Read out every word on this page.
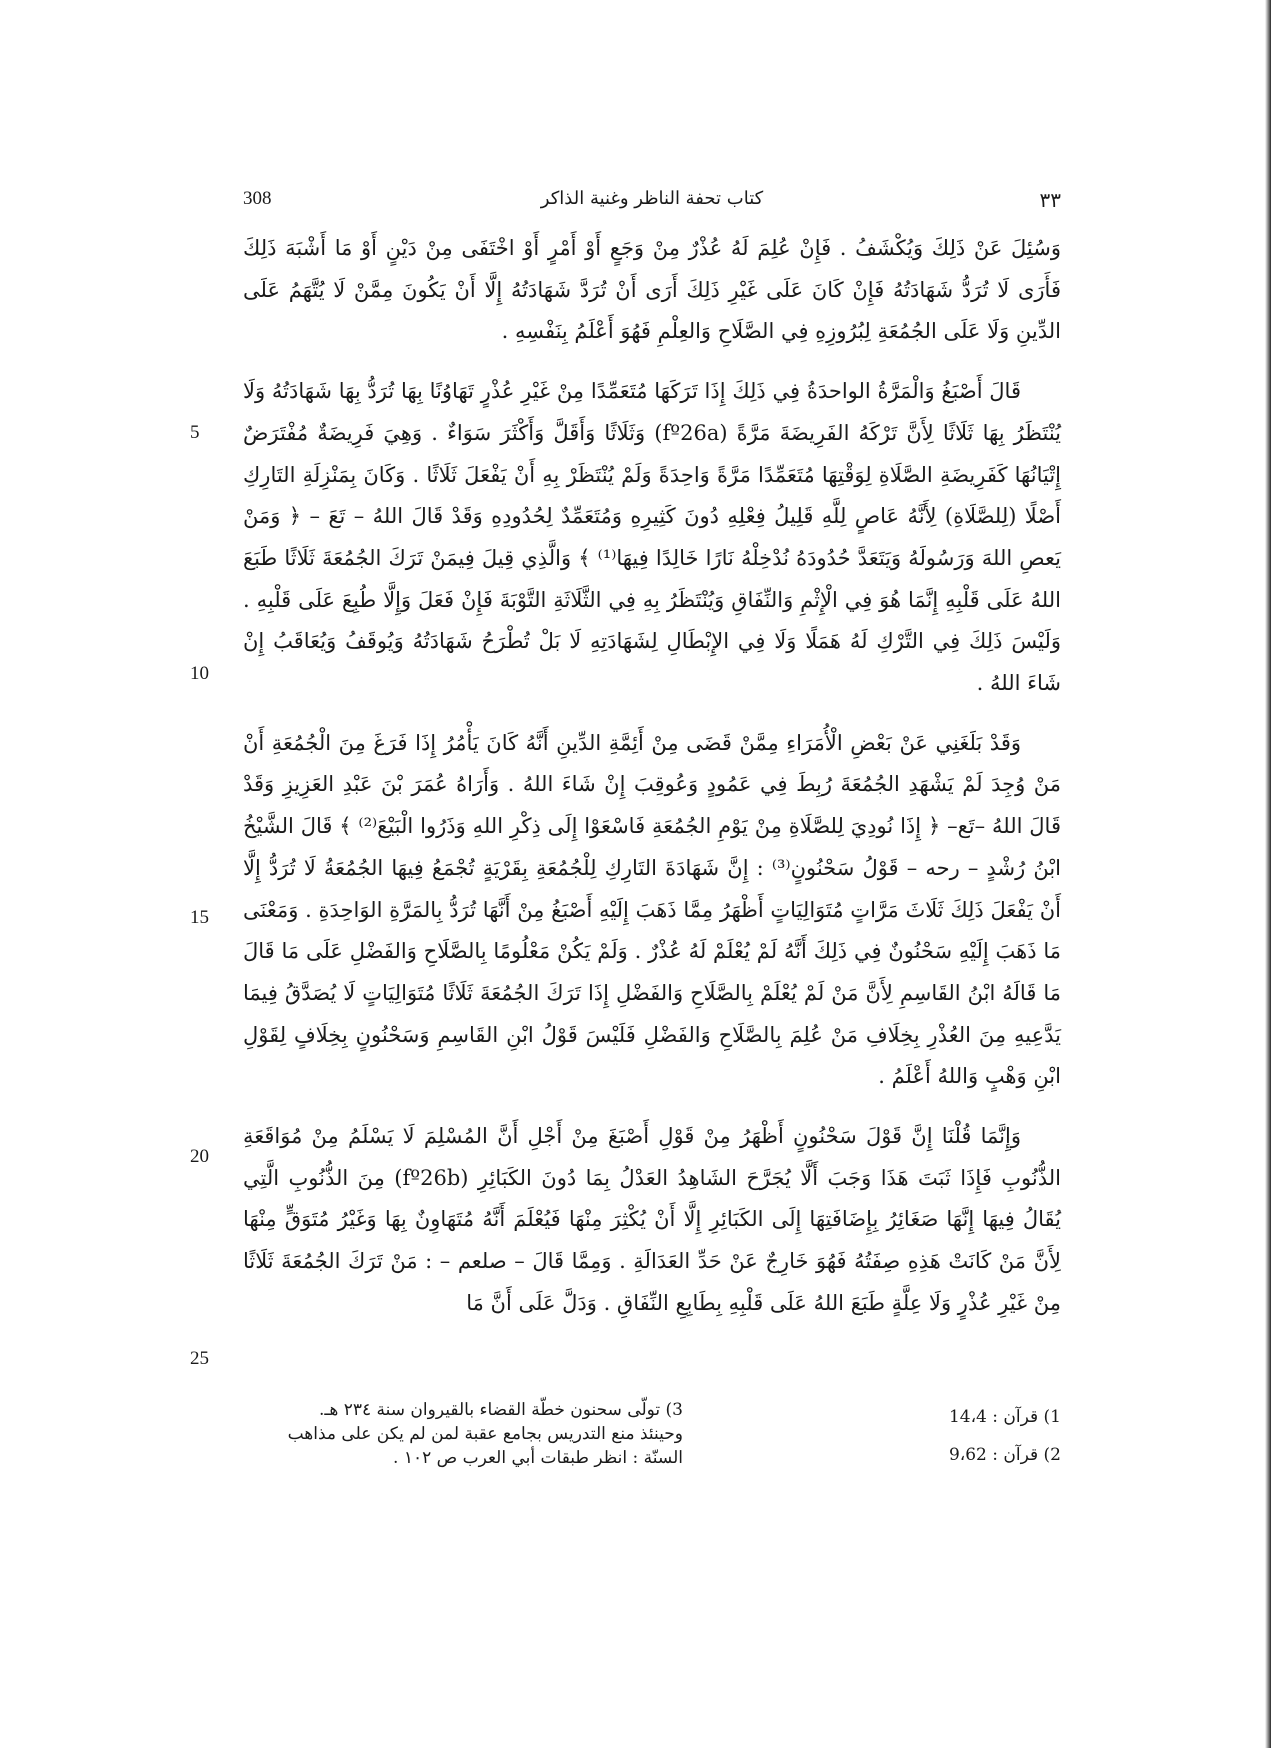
308	كتاب تحفة الناظر وغنية الذاكر	٣٣
5
10
15
20
25

وَسُئِلَ عَنْ ذَلِكَ وَيُكْشَفُ . فَإِنْ عُلِمَ لَهُ عُذْرٌ مِنْ وَجَعٍ أَوْ أَمْرٍ أَوْ اخْتَفَى مِنْ دَيْنٍ أَوْ مَا أَشْبَهَ ذَلِكَ فَأَرَى لَا تُرَدُّ شَهَادَتُهُ فَإِنْ كَانَ عَلَى غَيْرِ ذَلِكَ أَرَى أَنْ تُرَدَّ شَهَادَتُهُ إِلَّا أَنْ يَكُونَ مِمَّنْ لَا يُتَّهَمُ عَلَى الدِّينِ وَلَا عَلَى الجُمُعَةِ لِبُرُوزِهِ فِي الصَّلَاحِ وَالعِلْمِ فَهُوَ أَعْلَمُ بِنَفْسِهِ .

قَالَ أَصْبَغُ وَالْمَرَّةُ الواحدَةُ فِي ذَلِكَ إِذَا تَرَكَهَا مُتَعَمِّدًا مِنْ غَيْرِ عُذْرٍ تَهَاوُنًا بِهَا تُرَدُّ بِهَا شَهَادَتُهُ وَلَا يُنْتَظَرُ بِهَا ثَلَاثًا لِأَنَّ تَرْكَهُ الفَرِيضَةَ مَرَّةً (fº26a) وَثَلَاثًا وَأَقَلَّ وَأَكْثَرَ سَوَاءٌ . وَهِيَ فَرِيضَةٌ مُفْتَرَضٌ إِتْيَانُهَا كَفَرِيضَةِ الصَّلَاةِ لِوَقْتِهَا مُتَعَمِّدًا مَرَّةً وَاحِدَةً وَلَمْ يُنْتَظَرْ بِهِ أَنْ يَفْعَلَ ثَلَاثًا . وَكَانَ بِمَنْزِلَةِ التَارِكِ أَصْلًا (لِلصَّلَاةِ) لِأَنَّهُ عَاصٍ لِلَّهِ قَلِيلُ فِعْلِهِ دُونَ كَثِيرِهِ وَمُتَعَمِّدٌ لِحُدُودِهِ وَقَدْ قَالَ اللهُ – تَعَ – ﴿ وَمَنْ يَعصِ اللهَ وَرَسُولَهُ وَيَتَعَدَّ حُدُودَهُ نُدْخِلْهُ نَارًا خَالِدًا فِيهَا⁽¹⁾ ﴾ وَالَّذِي قِيلَ فِيمَنْ تَرَكَ الجُمُعَةَ ثَلَاثًا طَبَعَ اللهُ عَلَى قَلْبِهِ إِنَّمَا هُوَ فِي الْإِثْمِ وَالنِّفَاقِ وَيُنْتَظَرُ بِهِ فِي الثَّلَاثَةِ التَّوْبَةَ فَإِنْ فَعَلَ وَإِلَّا طُبِعَ عَلَى قَلْبِهِ . وَلَيْسَ ذَلِكَ فِي التَّرْكِ لَهُ هَمَلًا وَلَا فِي الإِبْطَالِ لِشَهَادَتِهِ لَا بَلْ تُطْرَحُ شَهَادَتُهُ وَيُوقَفُ وَيُعَاقَبُ إِنْ شَاءَ اللهُ .

وَقَدْ بَلَغَنِي عَنْ بَعْضِ الْأُمَرَاءِ مِمَّنْ قَضَى مِنْ أَئِمَّةِ الدِّينِ أَنَّهُ كَانَ يَأْمُرُ إِذَا فَرَغَ مِنَ الْجُمُعَةِ أَنْ مَنْ وُجِدَ لَمْ يَشْهَدِ الجُمُعَةَ رُبِطَ فِي عَمُودٍ وَعُوقِبَ إِنْ شَاءَ اللهُ . وَأَرَاهُ عُمَرَ بْنَ عَبْدِ العَزِيزِ وَقَدْ قَالَ اللهُ –تَع– ﴿ إِذَا نُودِيَ لِلصَّلَاةِ مِنْ يَوْمِ الجُمُعَةِ فَاسْعَوْا إِلَى ذِكْرِ اللهِ وَذَرُوا الْبَيْعَ⁽²⁾ ﴾ قَالَ الشَّيْخُ ابْنُ رُشْدٍ – رحه – قَوْلُ سَحْنُونٍ⁽³⁾ : إِنَّ شَهَادَةَ التَارِكِ لِلْجُمُعَةِ بِقَرْيَةٍ تُجْمَعُ فِيهَا الجُمُعَةُ لَا تُرَدُّ إِلَّا أَنْ يَفْعَلَ ذَلِكَ ثَلَاثَ مَرَّاتٍ مُتَوَالِيَاتٍ أَظْهَرُ مِمَّا ذَهَبَ إِلَيْهِ أَصْبَغُ مِنْ أَنَّهَا تُرَدُّ بِالمَرَّةِ الوَاحِدَةِ . وَمَعْنَى مَا ذَهَبَ إِلَيْهِ سَحْنُونٌ فِي ذَلِكَ أَنَّهُ لَمْ يُعْلَمْ لَهُ عُذْرٌ . وَلَمْ يَكُنْ مَعْلُومًا بِالصَّلَاحِ وَالفَضْلِ عَلَى مَا قَالَ مَا قَالَهُ ابْنُ القَاسِمِ لِأَنَّ مَنْ لَمْ يُعْلَمْ بِالصَّلَاحِ وَالفَضْلِ إِذَا تَرَكَ الجُمُعَةَ ثَلَاثًا مُتَوَالِيَاتٍ لَا يُصَدَّقُ فِيمَا يَدَّعِيهِ مِنَ العُذْرِ بِخِلَافِ مَنْ عُلِمَ بِالصَّلَاحِ وَالفَضْلِ فَلَيْسَ قَوْلُ ابْنِ القَاسِمِ وَسَحْنُونٍ بِخِلَافٍ لِقَوْلِ ابْنِ وَهْبٍ وَاللهُ أَعْلَمُ .

وَإِنَّمَا قُلْنَا إِنَّ قَوْلَ سَحْنُونٍ أَظْهَرُ مِنْ قَوْلِ أَصْبَغَ مِنْ أَجْلِ أَنَّ المُسْلِمَ لَا يَسْلَمُ مِنْ مُوَاقَعَةِ الذُّنُوبِ فَإِذَا ثَبَتَ هَذَا وَجَبَ أَلَّا يُجَرَّحَ الشَاهِدُ العَدْلُ بِمَا دُونَ الكَبَائِرِ (fº26b) مِنَ الذُّنُوبِ الَّتِي يُقَالُ فِيهَا إِنَّهَا صَغَائِرُ بِإِضَافَتِهَا إِلَى الكَبَائِرِ إِلَّا أَنْ يُكْثِرَ مِنْهَا فَيُعْلَمَ أَنَّهُ مُتَهَاوِنٌ بِهَا وَغَيْرُ مُتَوَقٍّ مِنْهَا لِأَنَّ مَنْ كَانَتْ هَذِهِ صِفَتُهُ فَهُوَ خَارِجٌ عَنْ حَدِّ العَدَالَةِ . وَمِمَّا قَالَ – صلعم – : مَنْ تَرَكَ الجُمُعَةَ ثَلَاثًا مِنْ غَيْرِ عُذْرٍ وَلَا عِلَّةٍ طَبَعَ اللهُ عَلَى قَلْبِهِ بِطَابِعِ النِّفَاقِ . وَدَلَّ عَلَى أَنَّ مَا

1) قرآن : 14،4
2) قرآن : 9،62
3) تولّى سحنون خطّة القضاء بالقيروان سنة ٢٣٤ هـ.
وحينئذ منع التدريس بجامع عقبة لمن لم يكن على مذاهب
السنّة : انظر طبقات أبي العرب ص ١٠٢ .
